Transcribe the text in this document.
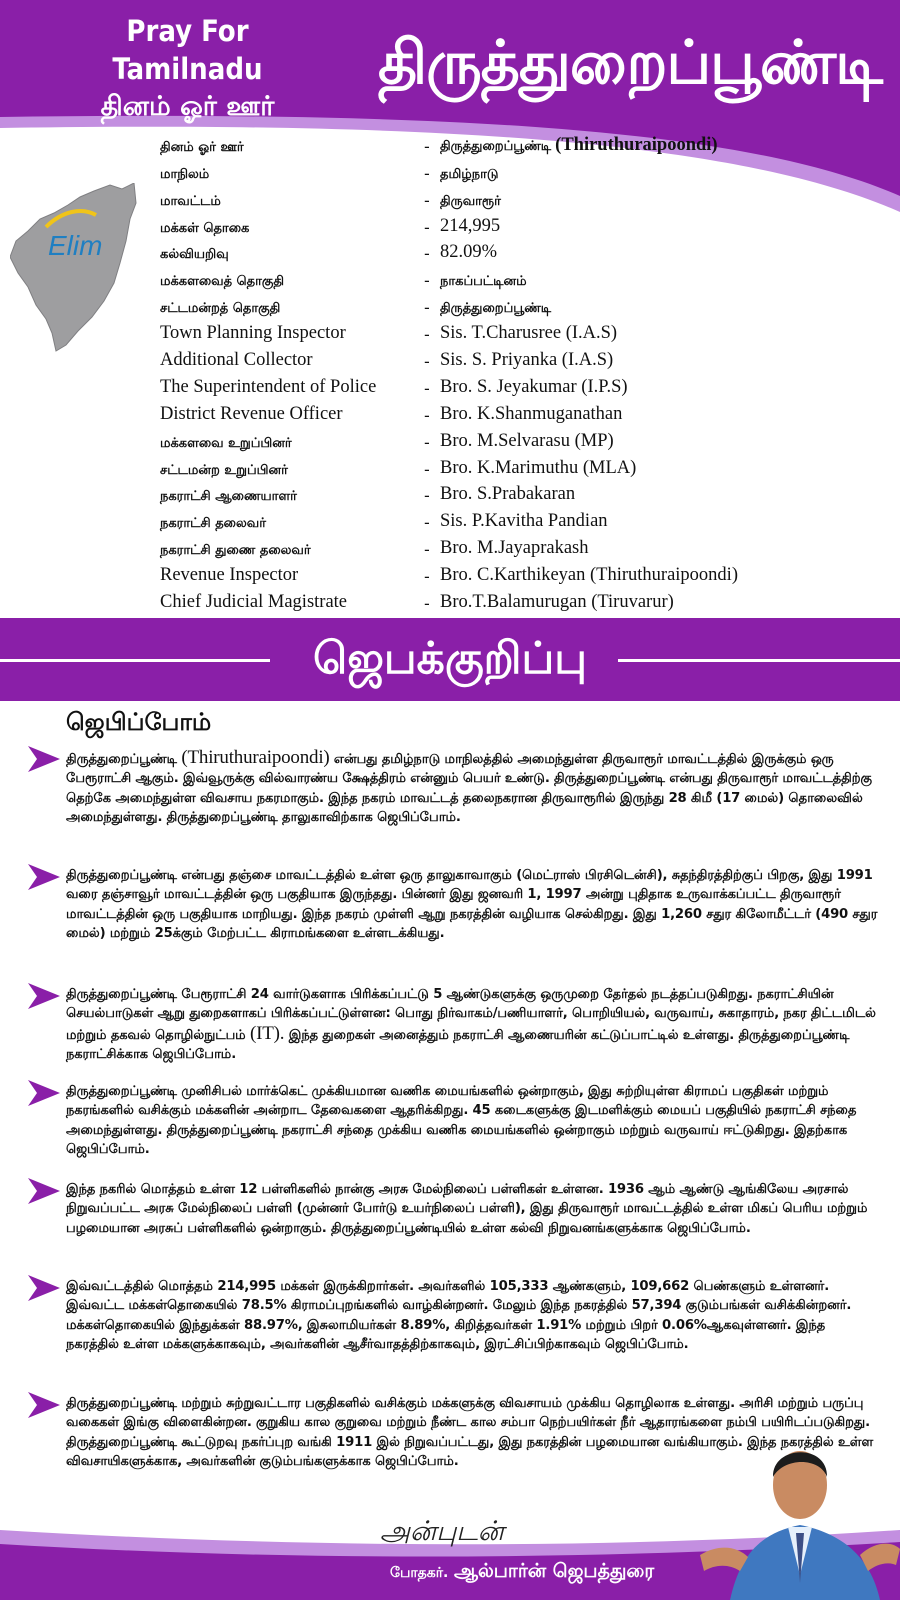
Pray For Tamilnadu
தினம் ஓர் ஊர்
திருத்துறைப்பூண்டி
Elim
தினம் ஓர் ஊர்	- திருத்துறைப்பூண்டி (Thiruthuraipoondi)
மாநிலம்	- தமிழ்நாடு
மாவட்டம்	- திருவாரூர்
மக்கள் தொகை	- 214,995
கல்வியறிவு	- 82.09%
மக்களவைத் தொகுதி	- நாகப்பட்டினம்
சட்டமன்றத் தொகுதி	- திருத்துறைப்பூண்டி
Town Planning Inspector	- Sis. T.Charusree (I.A.S)
Additional Collector	- Sis. S. Priyanka (I.A.S)
The Superintendent of Police	- Bro. S. Jeyakumar (I.P.S)
District Revenue Officer	- Bro. K.Shanmuganathan
மக்களவை உறுப்பினர்	- Bro. M.Selvarasu (MP)
சட்டமன்ற உறுப்பினர்	- Bro. K.Marimuthu (MLA)
நகராட்சி ஆணையாளர்	- Bro. S.Prabakaran
நகராட்சி தலைவர்	- Sis. P.Kavitha Pandian
நகராட்சி துணை தலைவர்	- Bro. M.Jayaprakash
Revenue Inspector	- Bro. C.Karthikeyan (Thiruthuraipoondi)
Chief Judicial Magistrate	- Bro.T.Balamurugan (Tiruvarur)
ஜெபக்குறிப்பு
ஜெபிப்போம்
திருத்துறைப்பூண்டி (Thiruthuraipoondi) என்பது தமிழ்நாடு மாநிலத்தில் அமைந்துள்ள திருவாரூர் மாவட்டத்தில் இருக்கும் ஒரு பேரூராட்சி ஆகும். இவ்வூருக்கு வில்வாரண்ய க்ஷேத்திரம் என்னும் பெயர் உண்டு. திருத்துறைப்பூண்டி என்பது திருவாரூர் மாவட்டத்திற்கு தெற்கே அமைந்துள்ள விவசாய நகரமாகும். இந்த நகரம் மாவட்டத் தலைநகரான திருவாரூரில் இருந்து 28 கிமீ (17 மைல்) தொலைவில் அமைந்துள்ளது. திருத்துறைப்பூண்டி தாலுகாவிற்காக ஜெபிப்போம்.
திருத்துறைப்பூண்டி என்பது தஞ்சை மாவட்டத்தில் உள்ள ஒரு தாலுகாவாகும் (மெட்ராஸ் பிரசிடென்சி), சுதந்திரத்திற்குப் பிறகு, இது 1991 வரை தஞ்சாவூர் மாவட்டத்தின் ஒரு பகுதியாக இருந்தது. பின்னர் இது ஜனவரி 1, 1997 அன்று புதிதாக உருவாக்கப்பட்ட திருவாரூர் மாவட்டத்தின் ஒரு பகுதியாக மாறியது. இந்த நகரம் முள்ளி ஆறு நகரத்தின் வழியாக செல்கிறது. இது 1,260 சதுர கிலோமீட்டர் (490 சதுர மைல்) மற்றும் 25க்கும் மேற்பட்ட கிராமங்களை உள்ளடக்கியது.
திருத்துறைப்பூண்டி பேரூராட்சி 24 வார்டுகளாக பிரிக்கப்பட்டு 5 ஆண்டுகளுக்கு ஒருமுறை தேர்தல் நடத்தப்படுகிறது. நகராட்சியின் செயல்பாடுகள் ஆறு துறைகளாகப் பிரிக்கப்பட்டுள்ளன: பொது நிர்வாகம்/பணியாளர், பொறியியல், வருவாய், சுகாதாரம், நகர திட்டமிடல் மற்றும் தகவல் தொழில்நுட்பம் (IT). இந்த துறைகள் அனைத்தும் நகராட்சி ஆணையரின் கட்டுப்பாட்டில் உள்ளது. திருத்துறைப்பூண்டி நகராட்சிக்காக ஜெபிப்போம்.
திருத்துறைப்பூண்டி முனிசிபல் மார்க்கெட் முக்கியமான வணிக மையங்களில் ஒன்றாகும், இது சுற்றியுள்ள கிராமப் பகுதிகள் மற்றும் நகரங்களில் வசிக்கும் மக்களின் அன்றாட தேவைகளை ஆதரிக்கிறது. 45 கடைகளுக்கு இடமளிக்கும் மையப் பகுதியில் நகராட்சி சந்தை அமைந்துள்ளது. திருத்துறைப்பூண்டி நகராட்சி சந்தை முக்கிய வணிக மையங்களில் ஒன்றாகும் மற்றும் வருவாய் ஈட்டுகிறது. இதற்காக ஜெபிப்போம்.
இந்த நகரில் மொத்தம் உள்ள 12 பள்ளிகளில் நான்கு அரசு மேல்நிலைப் பள்ளிகள் உள்ளன. 1936 ஆம் ஆண்டு ஆங்கிலேய அரசால் நிறுவப்பட்ட அரசு மேல்நிலைப் பள்ளி (முன்னர் போர்டு உயர்நிலைப் பள்ளி), இது திருவாரூர் மாவட்டத்தில் உள்ள மிகப் பெரிய மற்றும் பழமையான அரசுப் பள்ளிகளில் ஒன்றாகும். திருத்துறைப்பூண்டியில் உள்ள கல்வி நிறுவனங்களுக்காக ஜெபிப்போம்.
இவ்வட்டத்தில் மொத்தம் 214,995 மக்கள் இருக்கிறார்கள். அவர்களில் 105,333 ஆண்களும், 109,662 பெண்களும் உள்ளனர். இவ்வட்ட மக்கள்தொகையில் 78.5% கிராமப்புறங்களில் வாழ்கின்றனர். மேலும் இந்த நகரத்தில் 57,394 குடும்பங்கள் வசிக்கின்றனர். மக்கள்தொகையில் இந்துக்கள் 88.97%, இசுலாமியர்கள் 8.89%, கிறித்தவர்கள் 1.91% மற்றும் பிறர் 0.06%ஆகவுள்ளனர். இந்த நகரத்தில் உள்ள மக்களுக்காகவும், அவர்களின் ஆசீர்வாதத்திற்காகவும், இரட்சிப்பிற்காகவும் ஜெபிப்போம்.
திருத்துறைப்பூண்டி மற்றும் சுற்றுவட்டார பகுதிகளில் வசிக்கும் மக்களுக்கு விவசாயம் முக்கிய தொழிலாக உள்ளது. அரிசி மற்றும் பருப்பு வகைகள் இங்கு விளைகின்றன. குறுகிய கால குறுவை மற்றும் நீண்ட கால சம்பா நெற்பயிர்கள் நீர் ஆதாரங்களை நம்பி பயிரிடப்படுகிறது. திருத்துறைப்பூண்டி கூட்டுறவு நகர்ப்புற வங்கி 1911 இல் நிறுவப்பட்டது, இது நகரத்தின் பழமையான வங்கியாகும். இந்த நகரத்தில் உள்ள விவசாயிகளுக்காக, அவர்களின் குடும்பங்களுக்காக ஜெபிப்போம்.
அன்புடன்
போதகர். ஆல்பார்ன் ஜெபத்துரை
